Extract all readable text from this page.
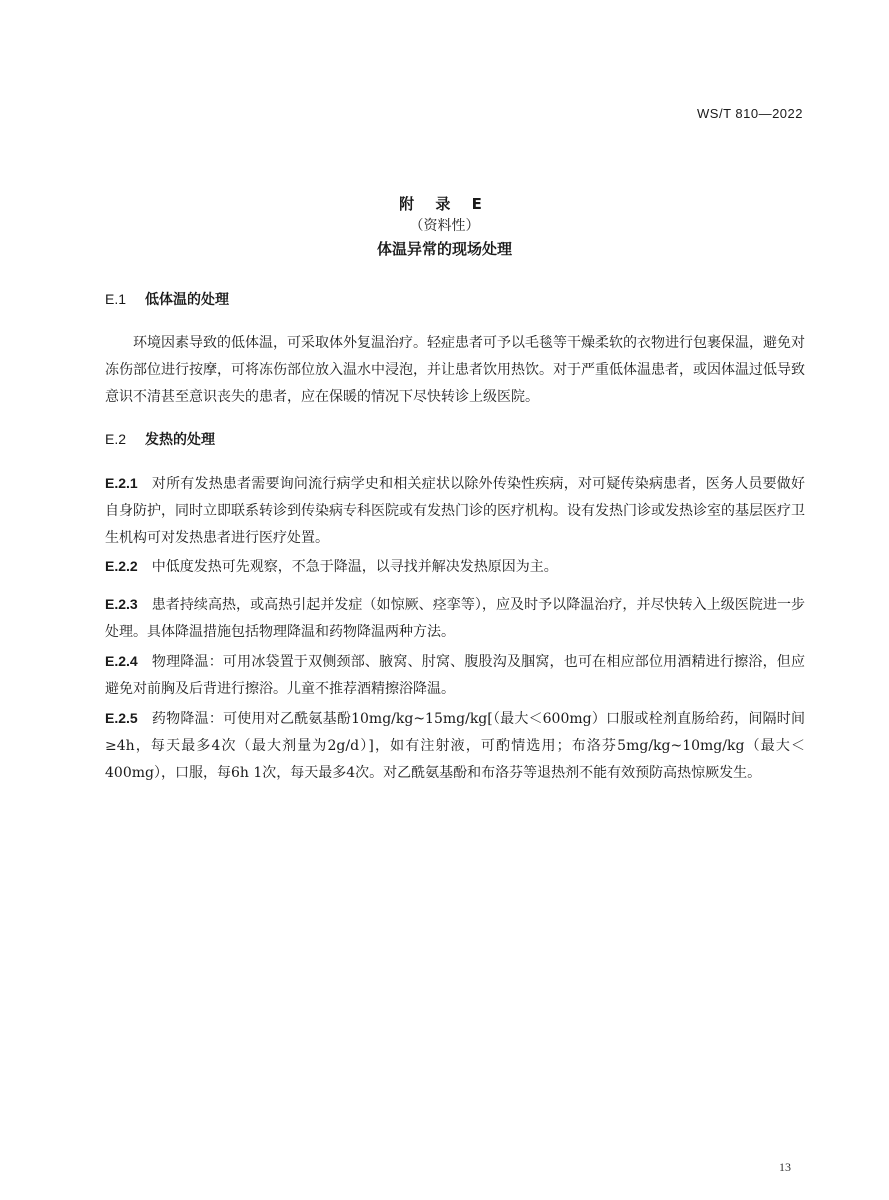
WS/T 810—2022
附 录 E
（资料性）
体温异常的现场处理
E.1 低体温的处理
环境因素导致的低体温，可采取体外复温治疗。轻症患者可予以毛毯等干燥柔软的衣物进行包裹保温，避免对冻伤部位进行按摩，可将冻伤部位放入温水中浸泡，并让患者饮用热饮。对于严重低体温患者，或因体温过低导致意识不清甚至意识丧失的患者，应在保暖的情况下尽快转诊上级医院。
E.2 发热的处理
E.2.1 对所有发热患者需要询问流行病学史和相关症状以除外传染性疾病，对可疑传染病患者，医务人员要做好自身防护，同时立即联系转诊到传染病专科医院或有发热门诊的医疗机构。设有发热门诊或发热诊室的基层医疗卫生机构可对发热患者进行医疗处置。
E.2.2 中低度发热可先观察，不急于降温，以寻找并解决发热原因为主。
E.2.3 患者持续高热，或高热引起并发症（如惊厥、痉挛等），应及时予以降温治疗，并尽快转入上级医院进一步处理。具体降温措施包括物理降温和药物降温两种方法。
E.2.4 物理降温：可用冰袋置于双侧颈部、腋窝、肘窝、腹股沟及腘窝，也可在相应部位用酒精进行擦浴，但应避免对前胸及后背进行擦浴。儿童不推荐酒精擦浴降温。
E.2.5 药物降温：可使用对乙酰氨基酚10mg/kg~15mg/kg[（最大＜600mg）口服或栓剂直肠给药，间隔时间≥4h，每天最多4次（最大剂量为2g/d）]，如有注射液，可酌情选用；布洛芬5mg/kg~10mg/kg（最大＜400mg），口服，每6h 1次，每天最多4次。对乙酰氨基酚和布洛芬等退热剂不能有效预防高热惊厥发生。
13
